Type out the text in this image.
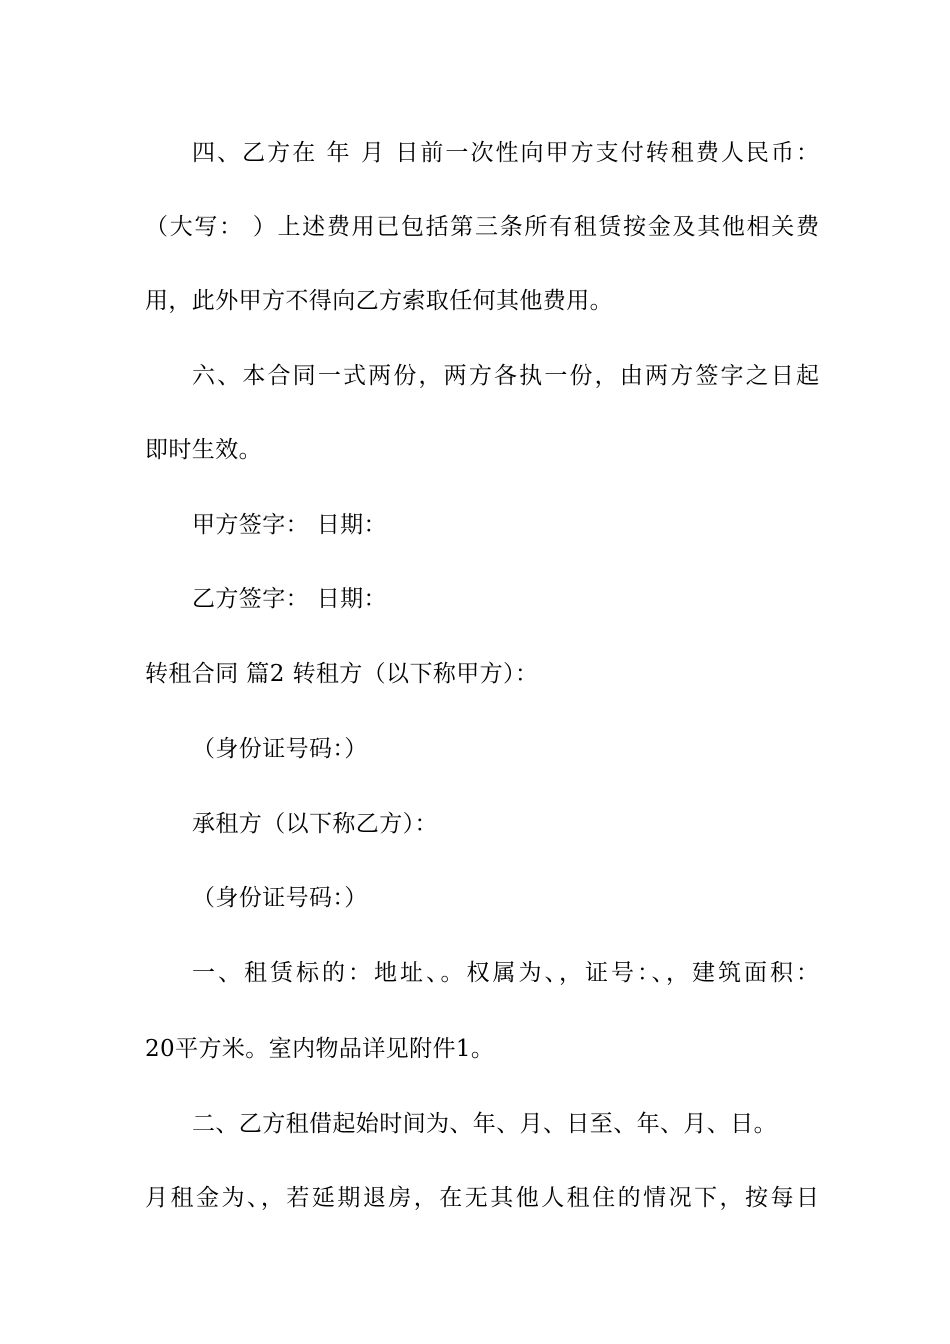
四、乙方在 年 月 日前一次性向甲方支付转租费人民币：
（大写： ）上述费用已包括第三条所有租赁按金及其他相关费
用，此外甲方不得向乙方索取任何其他费用。
六、本合同一式两份，两方各执一份，由两方签字之日起
即时生效。
甲方签字： 日期：
乙方签字： 日期：
转租合同 篇2 转租方（以下称甲方）：
（身份证号码：）
承租方（以下称乙方）：
（身份证号码：）
一、租赁标的：地址、。权属为、，证号：、，建筑面积：
20平方米。室内物品详见附件1。
二、乙方租借起始时间为、年、月、日至、年、月、日。
月租金为、，若延期退房，在无其他人租住的情况下，按每日
